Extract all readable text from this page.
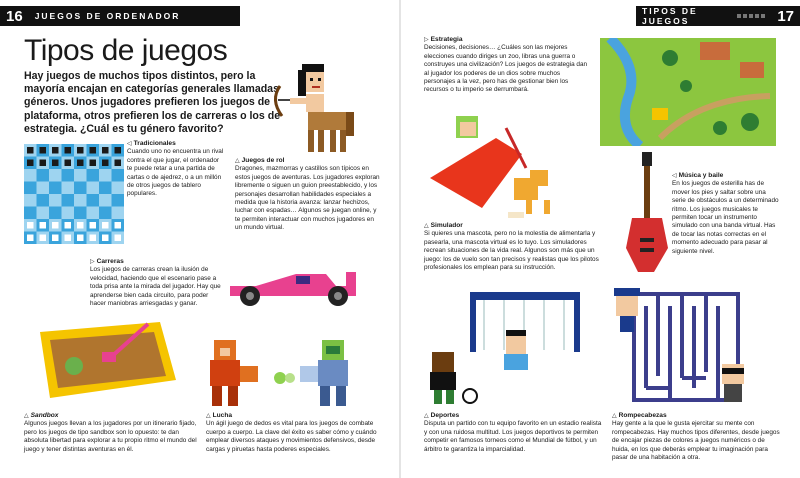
16	JUEGOS DE ORDENADOR	TIPOS DE JUEGOS	17
Tipos de juegos

Hay juegos de muchos tipos distintos, pero la mayoría encajan en categorías generales llamadas géneros. Unos jugadores prefieren los juegos de plataforma, otros prefieren los de carreras o los de estrategia. ¿Cuál es tu género favorito?

◁ Tradicionales
Cuando uno no encuentra un rival contra el que jugar, el ordenador te puede retar a una partida de cartas o de ajedrez, o a un millón de otros juegos de tablero populares.
△ Juegos de rol
Dragones, mazmorras y castillos son típicos en estos juegos de aventuras. Los jugadores exploran libremente o siguen un guion preestablecido, y los personajes desarrollan habilidades especiales a medida que la historia avanza: lanzar hechizos, luchar con espadas… Algunos se juegan online, y te permiten interactuar con muchos jugadores en un mundo virtual.
▷ Carreras
Los juegos de carreras crean la ilusión de velocidad, haciendo que el escenario pase a toda prisa ante la mirada del jugador. Hay que aprenderse bien cada circuito, para poder hacer maniobras arriesgadas y ganar.
△ Sandbox
Algunos juegos llevan a los jugadores por un itinerario fijado, pero los juegos de tipo sandbox son lo opuesto: te dan absoluta libertad para explorar a tu propio ritmo el mundo del juego y tener distintas aventuras en él.
△ Lucha
Un ágil juego de dedos es vital para los juegos de combate cuerpo a cuerpo. La clave del éxito es saber cómo y cuándo emplear diversos ataques y movimientos defensivos, desde cargas y piruetas hasta poderes especiales.
▷ Estrategia
Decisiones, decisiones… ¿Cuáles son las mejores elecciones cuando diriges un zoo, libras una guerra o construyes una civilización? Los juegos de estrategia dan al jugador los poderes de un dios sobre muchos personajes a la vez, pero has de gestionar bien los recursos o tu imperio se derrumbará.
△ Simulador
Si quieres una mascota, pero no la molestia de alimentarla y pasearla, una mascota virtual es lo tuyo. Los simuladores recrean situaciones de la vida real. Algunos son más que un juego: los de vuelo son tan precisos y realistas que los pilotos profesionales los emplean para su instrucción.
◁ Música y baile
En los juegos de esterilla has de mover los pies y saltar sobre una serie de obstáculos a un determinado ritmo. Los juegos musicales te permiten tocar un instrumento simulado con una banda virtual. Has de tocar las notas correctas en el momento adecuado para pasar al siguiente nivel.
△ Deportes
Disputa un partido con tu equipo favorito en un estadio realista y con una ruidosa multitud. Los juegos deportivos te permiten competir en famosos torneos como el Mundial de fútbol, y un árbitro te garantiza la imparcialidad.
△ Rompecabezas
Hay gente a la que le gusta ejercitar su mente con rompecabezas. Hay muchos tipos diferentes, desde juegos de encajar piezas de colores a juegos numéricos o de huida, en los que deberás emplear tu imaginación para pasar de una habitación a otra.
